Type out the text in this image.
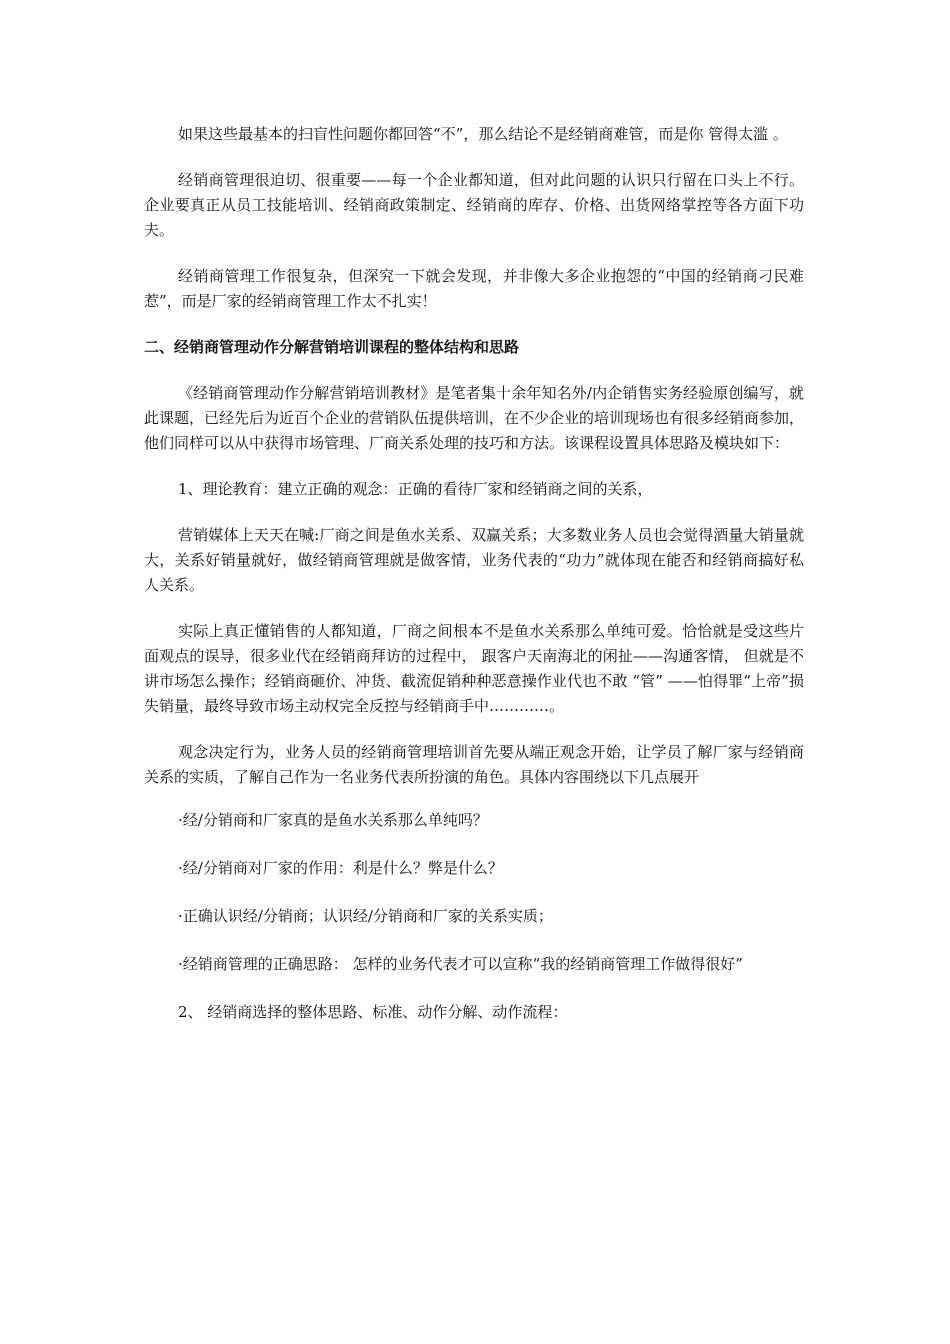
如果这些最基本的扫盲性问题你都回答“不”，那么结论不是经销商难管，而是你 管得太滥 。

经销商管理很迫切、很重要——每一个企业都知道，但对此问题的认识只行留在口头上不行。企业要真正从员工技能培训、经销商政策制定、经销商的库存、价格、出货网络掌控等各方面下功夫。

经销商管理工作很复杂，但深究一下就会发现，并非像大多企业抱怨的“中国的经销商刁民难惹”，而是厂家的经销商管理工作太不扎实！

二、经销商管理动作分解营销培训课程的整体结构和思路

《经销商管理动作分解营销培训教材》是笔者集十余年知名外/内企销售实务经验原创编写，就此课题，已经先后为近百个企业的营销队伍提供培训，在不少企业的培训现场也有很多经销商参加，他们同样可以从中获得市场管理、厂商关系处理的技巧和方法。该课程设置具体思路及模块如下：

1、理论教育：建立正确的观念：正确的看待厂家和经销商之间的关系，

营销媒体上天天在喊:厂商之间是鱼水关系、双赢关系；大多数业务人员也会觉得酒量大销量就大，关系好销量就好，做经销商管理就是做客情，业务代表的“功力”就体现在能否和经销商搞好私人关系。

实际上真正懂销售的人都知道，厂商之间根本不是鱼水关系那么单纯可爱。恰恰就是受这些片面观点的误导，很多业代在经销商拜访的过程中， 跟客户天南海北的闲扯——沟通客情， 但就是不讲市场怎么操作；经销商砸价、冲货、截流促销种种恶意操作业代也不敢 “管” ——怕得罪“上帝”损失销量，最终导致市场主动权完全反控与经销商手中…………。

观念决定行为，业务人员的经销商管理培训首先要从端正观念开始，让学员了解厂家与经销商关系的实质，了解自己作为一名业务代表所扮演的角色。具体内容围绕以下几点展开

·经/分销商和厂家真的是鱼水关系那么单纯吗？

·经/分销商对厂家的作用：利是什么？弊是什么？

·正确认识经/分销商；认识经/分销商和厂家的关系实质；

·经销商管理的正确思路： 怎样的业务代表才可以宣称“我的经销商管理工作做得很好”

2、 经销商选择的整体思路、标准、动作分解、动作流程：
